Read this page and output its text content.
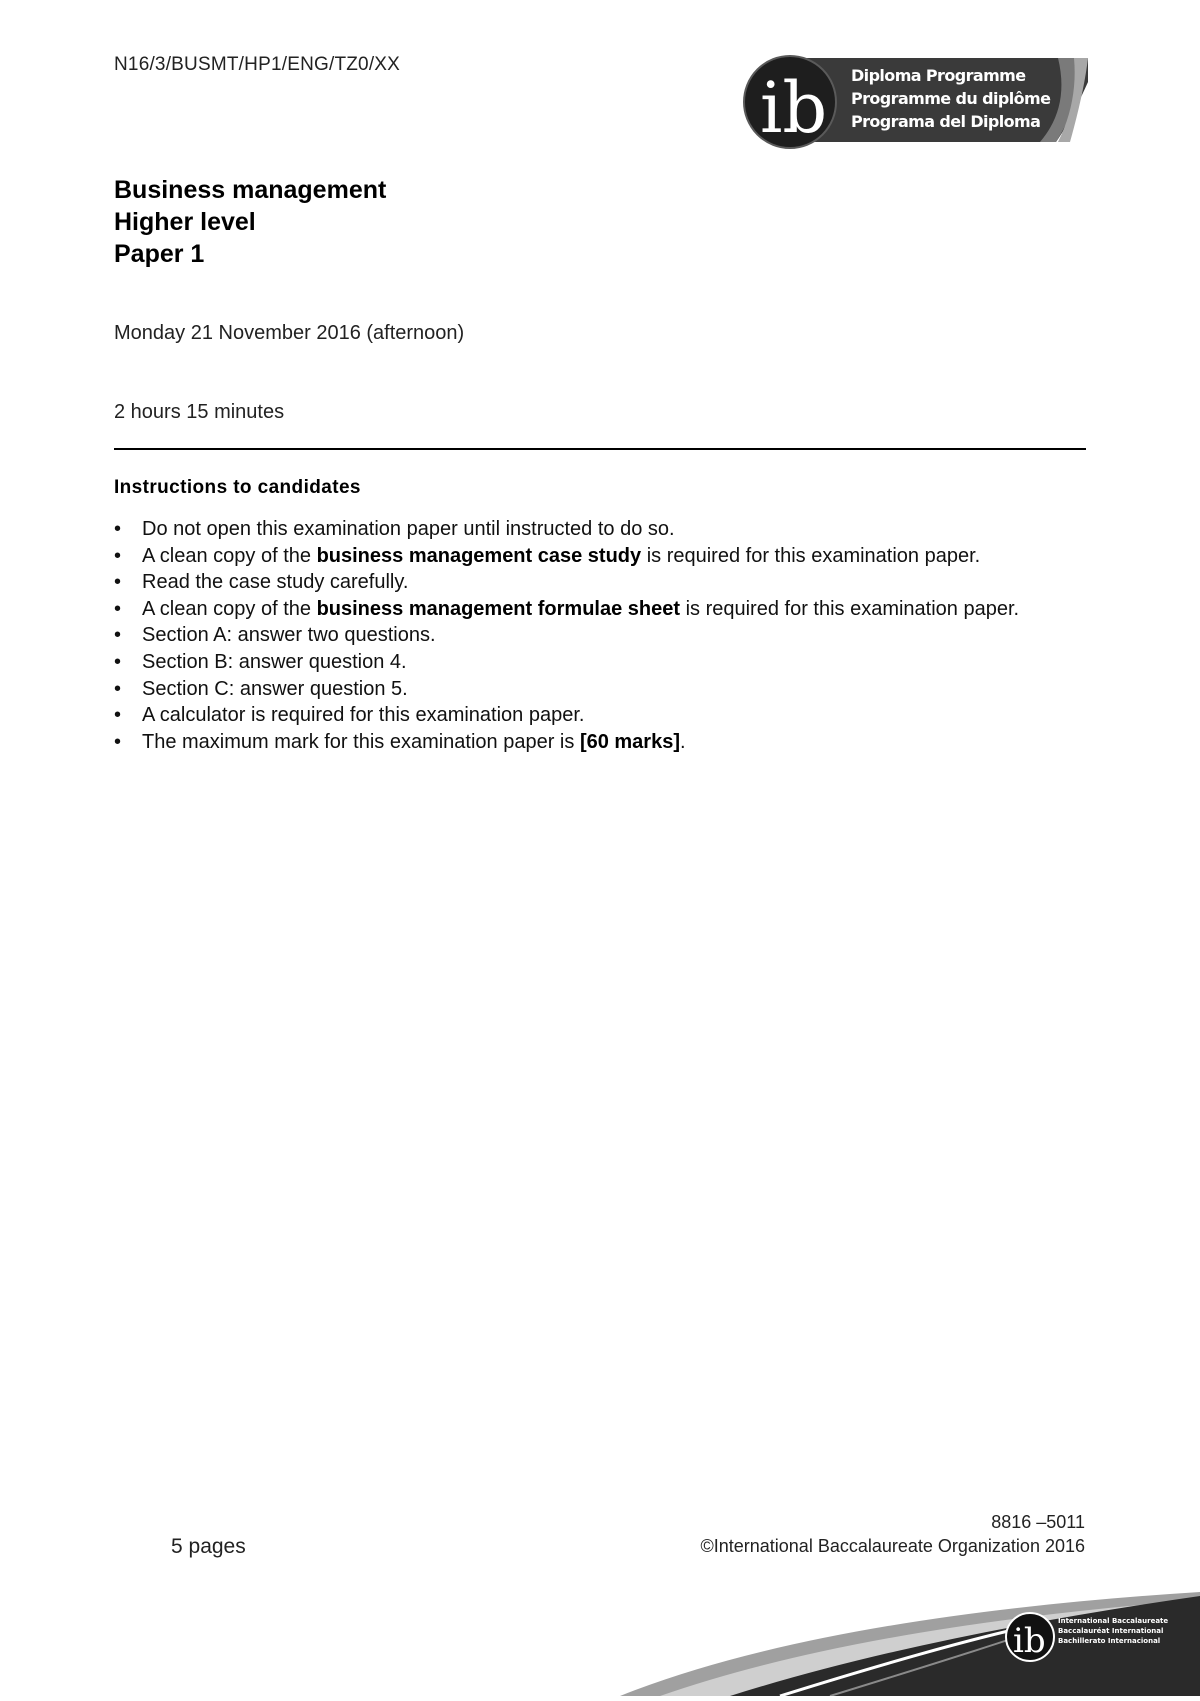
N16/3/BUSMT/HP1/ENG/TZ0/XX
ib Diploma Programme
Programme du diplôme
Programa del Diploma
Business management
Higher level
Paper 1
Monday 21 November 2016 (afternoon)
2 hours 15 minutes
Instructions to candidates
• Do not open this examination paper until instructed to do so.
• A clean copy of the business management case study is required for this examination paper.
• Read the case study carefully.
• A clean copy of the business management formulae sheet is required for this examination paper.
• Section A: answer two questions.
• Section B: answer question 4.
• Section C: answer question 5.
• A calculator is required for this examination paper.
• The maximum mark for this examination paper is [60 marks].
5 pages
8816 –5011
©International Baccalaureate Organization 2016
ib International Baccalaureate
Baccalauréat International
Bachillerato Internacional
